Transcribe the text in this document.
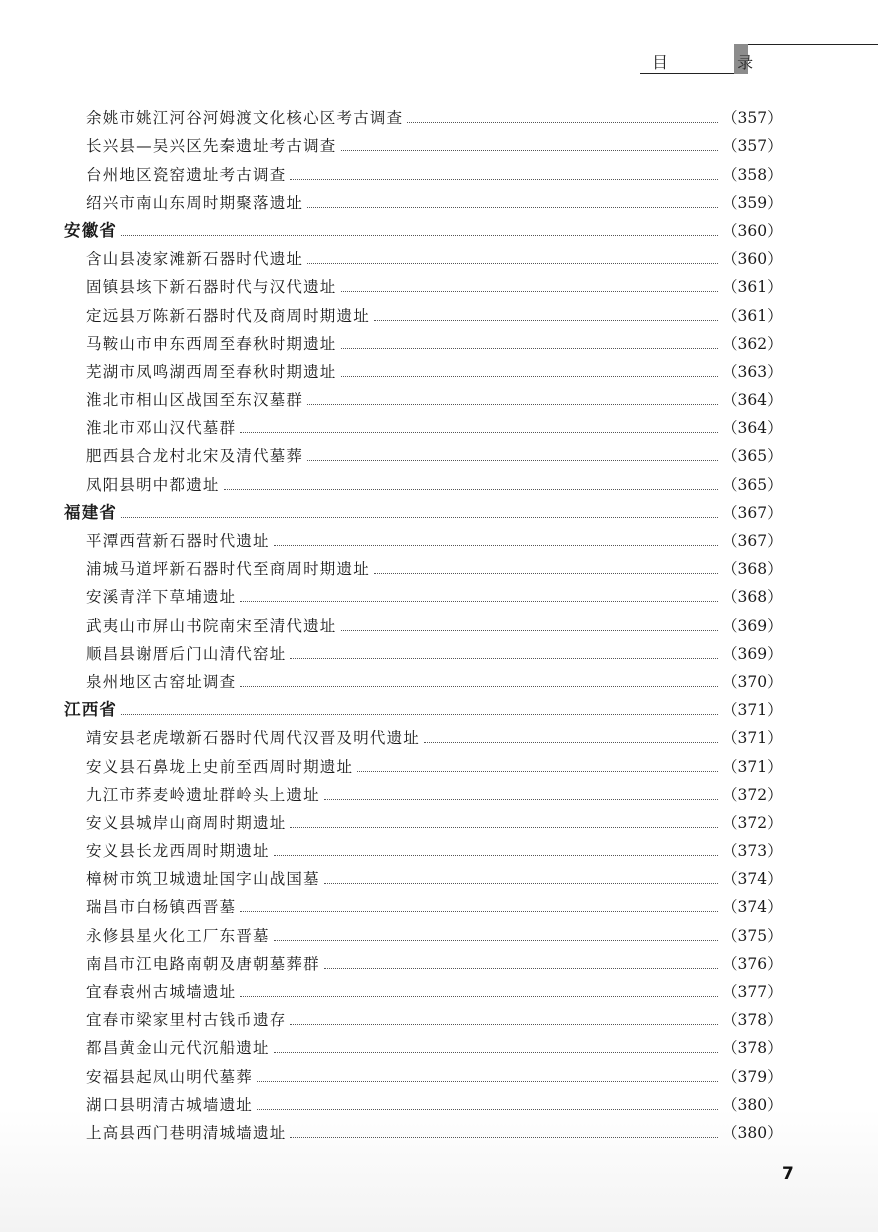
目 录
余姚市姚江河谷河姆渡文化核心区考古调查	（357）
长兴县—吴兴区先秦遗址考古调查	（357）
台州地区瓷窑遗址考古调查	（358）
绍兴市南山东周时期聚落遗址	（359）
安徽省	（360）
含山县凌家滩新石器时代遗址	（360）
固镇县垓下新石器时代与汉代遗址	（361）
定远县万陈新石器时代及商周时期遗址	（361）
马鞍山市申东西周至春秋时期遗址	（362）
芜湖市凤鸣湖西周至春秋时期遗址	（363）
淮北市相山区战国至东汉墓群	（364）
淮北市邓山汉代墓群	（364）
肥西县合龙村北宋及清代墓葬	（365）
凤阳县明中都遗址	（365）
福建省	（367）
平潭西营新石器时代遗址	（367）
浦城马道坪新石器时代至商周时期遗址	（368）
安溪青洋下草埔遗址	（368）
武夷山市屏山书院南宋至清代遗址	（369）
顺昌县谢厝后门山清代窑址	（369）
泉州地区古窑址调查	（370）
江西省	（371）
靖安县老虎墩新石器时代周代汉晋及明代遗址	（371）
安义县石鼻垅上史前至西周时期遗址	（371）
九江市荞麦岭遗址群岭头上遗址	（372）
安义县城岸山商周时期遗址	（372）
安义县长龙西周时期遗址	（373）
樟树市筑卫城遗址国字山战国墓	（374）
瑞昌市白杨镇西晋墓	（374）
永修县星火化工厂东晋墓	（375）
南昌市江电路南朝及唐朝墓葬群	（376）
宜春袁州古城墙遗址	（377）
宜春市梁家里村古钱币遗存	（378）
都昌黄金山元代沉船遗址	（378）
安福县起凤山明代墓葬	（379）
湖口县明清古城墙遗址	（380）
上高县西门巷明清城墙遗址	（380）
7
